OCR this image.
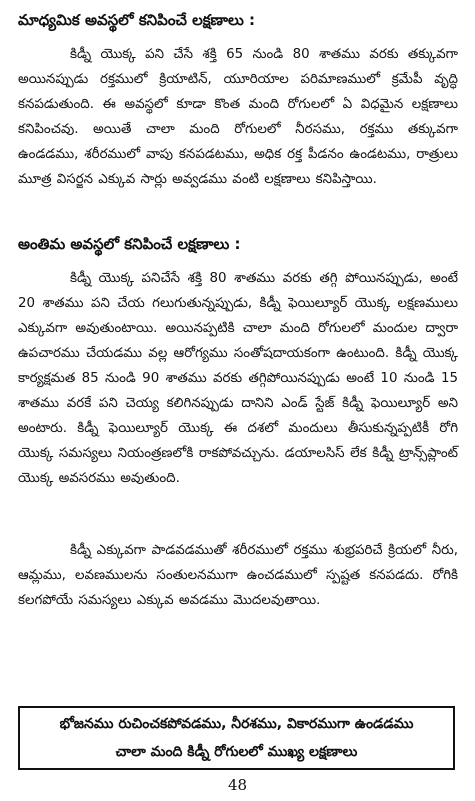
మాధ్యమిక అవస్థలో కనిపించే లక్షణాలు :
కిడ్నీ యొక్క పని చేసే శక్తి 65 నుండి 80 శాతము వరకు తక్కువగా అయినప్పుడు రక్తములో క్రియాటిన్, యూరియాల పరిమాణములో క్రమేపీ వృద్ధి కనపడుతుంది. ఈ అవస్థలో కూడా కొంత మంది రోగులలో ఏ విధమైన లక్షణాలు కనిపించవు. అయితే చాలా మంది రోగులలో నీరసము, రక్తము తక్కువగా ఉండడము, శరీరములో వాపు కనపడటము, అధిక రక్త పీడనం ఉండటము, రాత్రులు మూత్ర విసర్జన ఎక్కువ సార్లు అవ్వడము వంటి లక్షణాలు కనిపిస్తాయి.
అంతిమ అవస్థలో కనిపించే లక్షణాలు :
కిడ్నీ యొక్క పనిచేసే శక్తి 80 శాతము వరకు తగ్గి పోయినప్పుడు, అంటే 20 శాతము పని చేయ గలుగుతున్నప్పుడు, కిడ్నీ ఫెయిల్యూర్ యొక్క లక్షణములు ఎక్కువగా అవుతుంటాయి. అయినప్పటికి చాలా మంది రోగులలో మందుల ద్వారా ఉపచారము చేయడము వల్ల ఆరోగ్యము సంతోషదాయకంగా ఉంటుంది. కిడ్నీ యొక్క కార్యక్షమత 85 నుండి 90 శాతము వరకు తగ్గిపోయినప్పుడు అంటే 10 నుండి 15 శాతము వరకే పని చెయ్య కలిగినప్పుడు దానిని ఎండ్ స్టేజ్ కిడ్నీ ఫెయిల్యూర్ అని అంటారు. కిడ్నీ ఫెయిల్యూర్ యొక్క ఈ దశలో మందులు తీసుకున్నప్పటికీ రోగి యొక్క సమస్యలు నియంత్రణలోకి రాకపోవచ్చును. డయాలసిస్ లేక కిడ్నీ ట్రాన్స్‌ప్లాంట్ యొక్క అవసరము అవుతుంది.
కిడ్నీ ఎక్కువగా పాడవడముతో శరీరములో రక్తము శుభ్రపరిచే క్రియలో నీరు, ఆమ్లము, లవణములను సంతులనముగా ఉంచడములో స్పష్టత కనపడదు. రోగికి కలగపోయే సమస్యలు ఎక్కువ అవడము మొదలవుతాయి.
భోజనము రుచించకపోవడము, నీరశము, వికారముగా ఉండడము
చాలా మంది కిడ్నీ రోగులలో ముఖ్య లక్షణాలు
48
